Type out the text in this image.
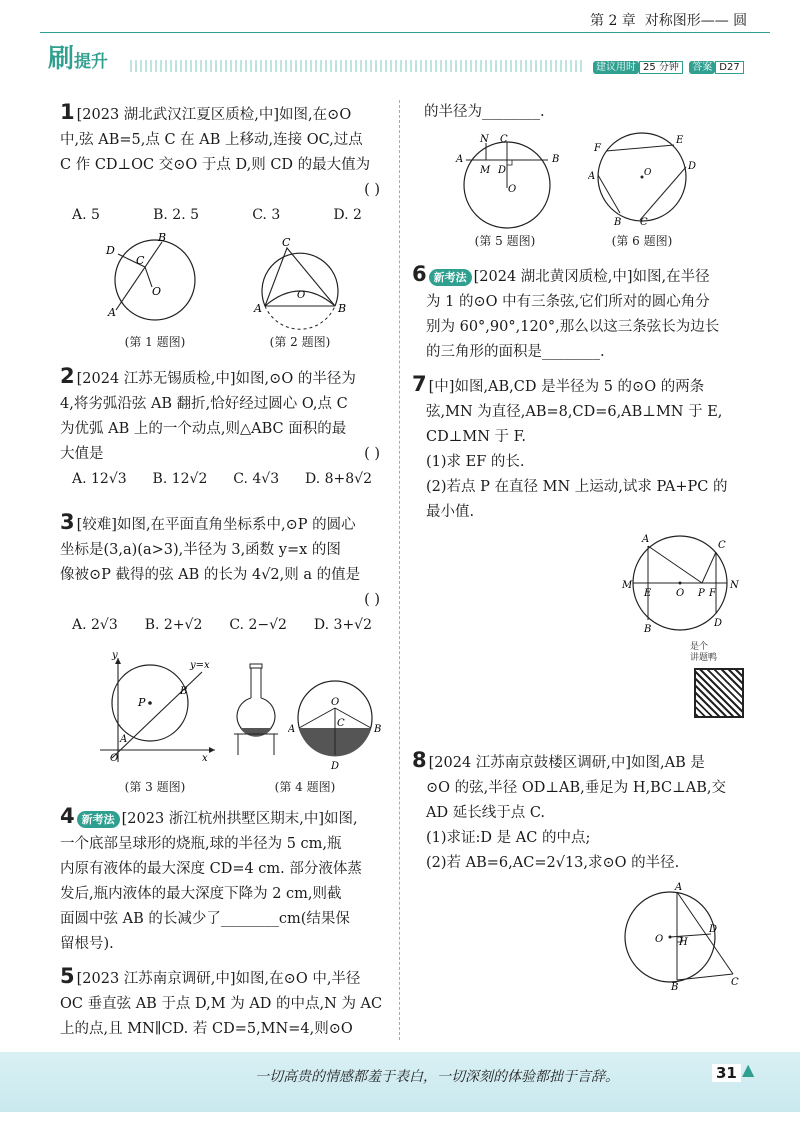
第 2 章 对称图形—— 圆
刷提升	建议用时 25 分钟 答案 D27

1 [2023 湖北武汉江夏区质检,中]如图,在⊙O

中,弦 AB=5,点 C 在 AB 上移动,连接 OC,过点

C 作 CD⊥OC 交⊙O 于点 D,则 CD 的最大值为

( )

A. 5	B. 2. 5	C. 3	D. 2
A
B
C
D
O
(第 1 题图)
A	B
C
O
(第 2 题图)

2 [2024 江苏无锡质检,中]如图,⊙O 的半径为

4,将劣弧沿弦 AB 翻折,恰好经过圆心 O,点 C

为优弧 AB 上的一个动点,则△ABC 面积的最

大值是	( )

A. 12√3 B. 12√2 C. 4√3 D. 8+8√2

3 [较难]如图,在平面直角坐标系中,⊙P 的圆心

坐标是(3,a)(a>3),半径为 3,函数 y=x 的图

像被⊙P 截得的弦 AB 的长为 4√2,则 a 的值是

( )

A. 2√3 B. 2+√2 C. 2−√2 D. 3+√2
y
x
O
P
y=x
A
B
(第 3 题图)
O
A	B
C
D
(第 4 题图)

4 新考法 [2023 浙江杭州拱墅区期末,中]如图,

一个底部呈球形的烧瓶,球的半径为 5 cm,瓶

内原有液体的最大深度 CD=4 cm. 部分液体蒸

发后,瓶内液体的最大深度下降为 2 cm,则截

面圆中弦 AB 的长减少了________cm(结果保

留根号).

5 [2023 江苏南京调研,中]如图,在⊙O 中,半径

OC 垂直弦 AB 于点 D,M 为 AD 的中点,N 为 AC

上的点,且 MN∥CD. 若 CD=5,MN=4,则⊙O

的半径为________.

A	B
C
N
M D
O
(第 5 题图)
F
E
A
D
B C
O
(第 6 题图)

6 新考法 [2024 湖北黄冈质检,中]如图,在半径

为 1 的⊙O 中有三条弦,它们所对的圆心角分

别为 60°,90°,120°,那么以这三条弦长为边长

的三角形的面积是________.

7 [中]如图,AB,CD 是半径为 5 的⊙O 的两条

弦,MN 为直径,AB=8,CD=6,AB⊥MN 于 E,

CD⊥MN 于 F.

(1)求 EF 的长.

(2)若点 P 在直径 MN 上运动,试求 PA+PC 的

最小值.

A
C
M	N
E O P F
B
D
是个
讲题鸭

8 [2024 江苏南京鼓楼区调研,中]如图,AB 是

⊙O 的弦,半径 OD⊥AB,垂足为 H,BC⊥AB,交

AD 延长线于点 C.

(1)求证:D 是 AC 的中点;

(2)若 AB=6,AC=2√13,求⊙O 的半径.

A
O H
D
C
B
一切高贵的情感都羞于表白，一切深刻的体验都拙于言辞。	31 ▲
